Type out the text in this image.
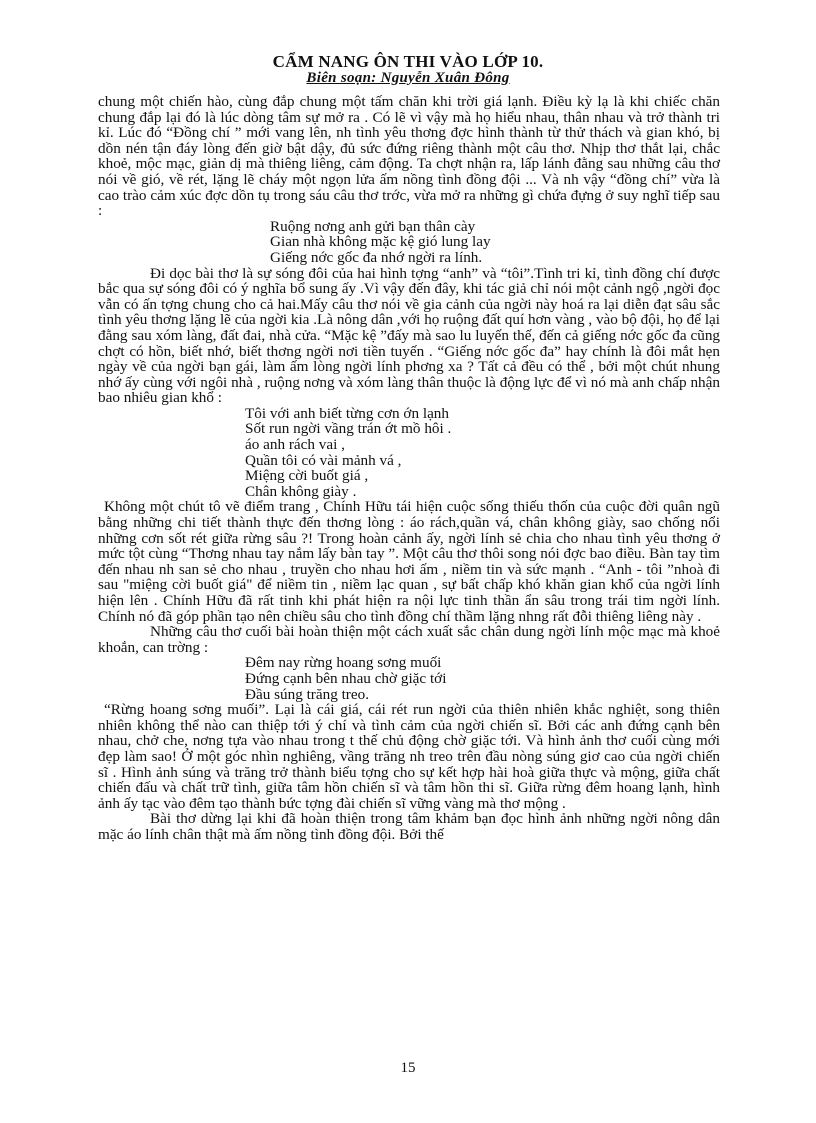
CẨM NANG ÔN THI VÀO LỚP 10.
Biên soạn: Nguyễn Xuân Đông

chung một chiến hào, cùng đắp chung một tấm chăn khi trời giá lạnh. Điều kỳ lạ là khi chiếc chăn chung đắp lại đó là lúc dòng tâm sự mở ra . Có lẽ vì vậy mà họ hiểu nhau, thân nhau và trở thành tri kỉ. Lúc đó “Đồng chí ” mới vang lên, nh tình yêu thơng đợc hình thành từ thử thách và gian khó, bị dồn nén tận đáy lòng đến giờ bật dậy, đủ sức đứng riêng thành một câu thơ. Nhịp thơ thắt lại, chắc khoẻ, mộc mạc, giản dị mà thiêng liêng, cảm động. Ta chợt nhận ra, lấp lánh đằng sau những câu thơ nói về gió, về rét, lặng lẽ cháy một ngọn lửa ấm nồng tình đồng đội ... Và nh vậy “đồng chí” vừa là cao trào cảm xúc đợc dồn tụ trong sáu câu thơ trớc, vừa mở ra những gì chứa đựng ở suy nghĩ tiếp sau :

Ruộng nơng anh gửi bạn thân cày
Gian nhà không mặc kệ gió lung lay
Giếng nớc gốc đa nhớ ngời ra lính.

Đi dọc bài thơ là sự sóng đôi của hai hình tợng “anh” và “tôi”.Tình tri kỉ, tình đồng chí được bắc qua sự sóng đôi có ý nghĩa bổ sung ấy .Vì vậy đến đây, khi tác giả chỉ nói một cảnh ngộ ,ngời đọc vẫn có ấn tợng chung cho cả hai.Mấy câu thơ nói về gia cảnh của ngời này hoá ra lại diễn đạt sâu sắc tình yêu thơng lặng lẽ của ngời kia .Là nông dân ,với họ ruộng đất quí hơn vàng , vào bộ đội, họ để lại đằng sau xóm làng, đất đai, nhà cửa. “Mặc kệ ”đấy mà sao lu luyến thế, đến cả giếng nớc gốc đa cũng chợt có hồn, biết nhớ, biết thơng ngời nơi tiền tuyến . “Giếng nớc gốc đa” hay chính là đôi mắt hẹn ngày về của ngời bạn gái, làm ấm lòng ngời lính phơng xa ? Tất cả đều có thể , bởi một chút nhung nhớ ấy cùng với ngôi nhà , ruộng nơng và xóm làng thân thuộc là động lực để vì nó mà anh chấp nhận bao nhiêu gian khổ :

Tôi với anh biết từng cơn ớn lạnh
Sốt run ngời vầng trán ớt mồ hôi .
áo anh rách vai ,
Quần tôi có vài mảnh vá ,
Miệng cời buốt giá ,
Chân không giày .

Không một chút tô vẽ điểm trang , Chính Hữu tái hiện cuộc sống thiếu thốn của cuộc đời quân ngũ bằng những chi tiết thành thực đến thơng lòng : áo rách,quần vá, chân không giày, sao chống nổi những cơn sốt rét giữa rừng sâu ?! Trong hoàn cảnh ấy, ngời lính sẻ chia cho nhau tình yêu thơng ở mức tột cùng “Thơng nhau tay nắm lấy bàn tay ”. Một câu thơ thôi song nói đợc bao điều. Bàn tay tìm đến nhau nh san sẻ cho nhau , truyền cho nhau hơi ấm , niềm tin và sức mạnh . “Anh - tôi ”nhoà đi sau "miệng cời buốt giá" để niềm tin , niềm lạc quan , sự bất chấp khó khăn gian khổ của ngời lính hiện lên . Chính Hữu đã rất tinh khi phát hiện ra nội lực tinh thần ẩn sâu trong trái tim ngời lính. Chính nó đã góp phần tạo nên chiều sâu cho tình đồng chí thầm lặng nhng rất đỗi thiêng liêng này .

Những câu thơ cuối bài hoàn thiện một cách xuất sắc chân dung ngời lính mộc mạc mà khoẻ khoắn, can trờng :

Đêm nay rừng hoang sơng muối
Đứng cạnh bên nhau chờ giặc tới
Đầu súng trăng treo.

“Rừng hoang sơng muối”. Lại là cái giá, cái rét run ngời của thiên nhiên khắc nghiệt, song thiên nhiên không thể nào can thiệp tới ý chí và tình cảm của ngời chiến sĩ. Bởi các anh đứng cạnh bên nhau, chở che, nơng tựa vào nhau trong t thế chủ động chờ giặc tới. Và hình ảnh thơ cuối cùng mới đẹp làm sao! Ở một góc nhìn nghiêng, vầng trăng nh treo trên đầu nòng súng giơ cao của ngời chiến sĩ . Hình ảnh súng và trăng trở thành biểu tợng cho sự kết hợp hài hoà giữa thực và mộng, giữa chất chiến đấu và chất trữ tình, giữa tâm hồn chiến sĩ và tâm hồn thi sĩ. Giữa rừng đêm hoang lạnh, hình ảnh ấy tạc vào đêm tạo thành bức tợng đài chiến sĩ vững vàng mà thơ mộng .

Bài thơ dừng lại khi đã hoàn thiện trong tâm khảm bạn đọc hình ảnh những ngời nông dân mặc áo lính chân thật mà ấm nồng tình đồng đội. Bởi thế

15
